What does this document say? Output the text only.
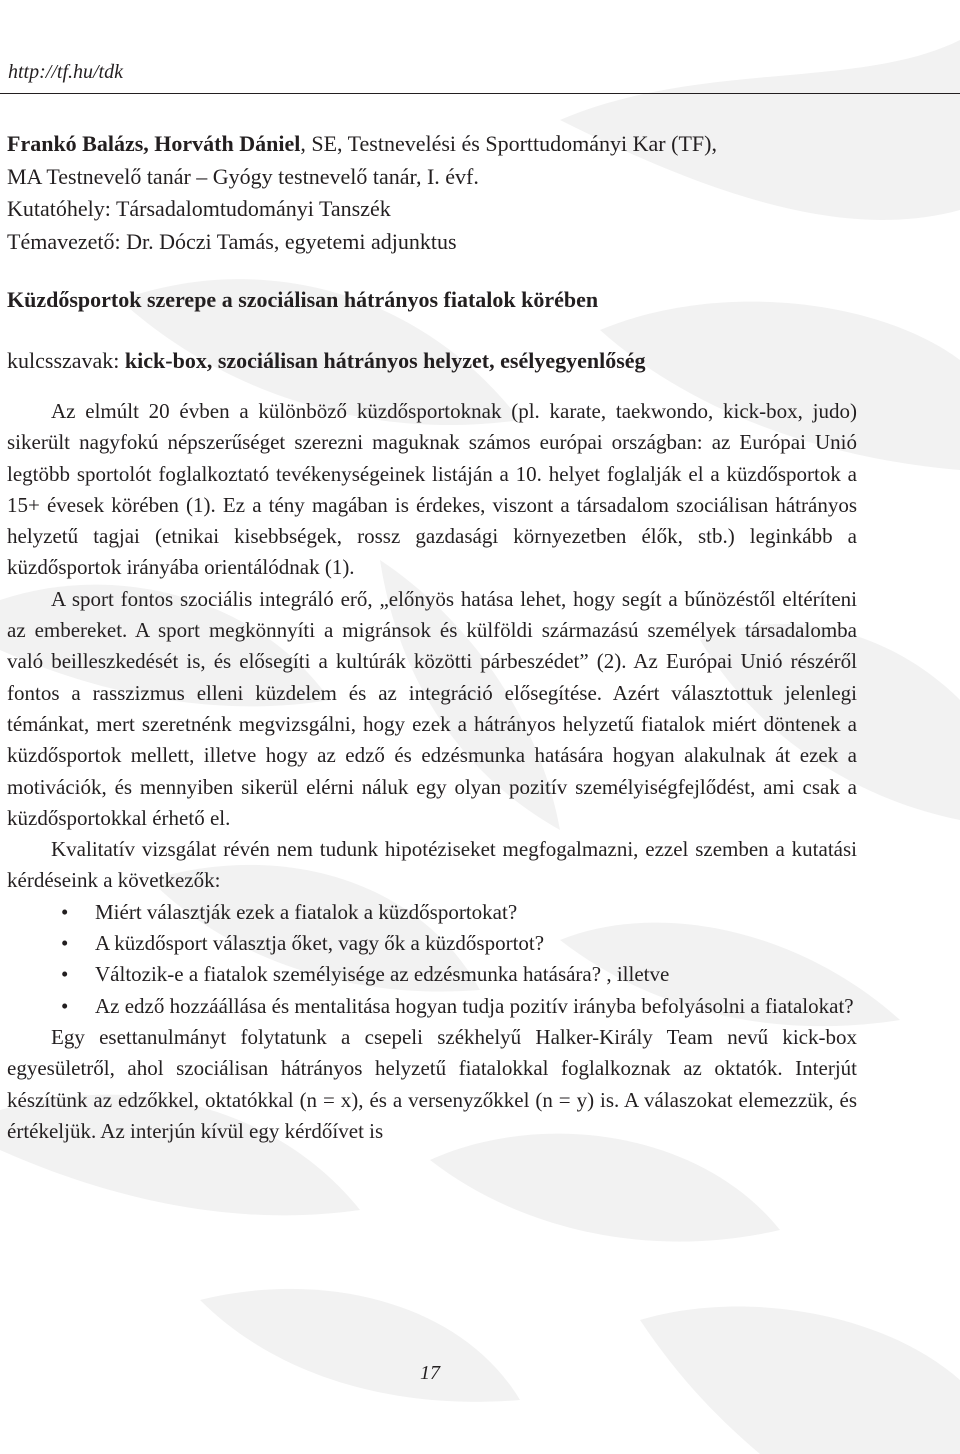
http://tf.hu/tdk

Frankó Balázs, Horváth Dániel, SE, Testnevelési és Sporttudományi Kar (TF),

MA Testnevelő tanár – Gyógy testnevelő tanár, I. évf.

Kutatóhely: Társadalomtudományi Tanszék

Témavezető: Dr. Dóczi Tamás, egyetemi adjunktus

Küzdősportok szerepe a szociálisan hátrányos fiatalok körében

kulcsszavak: kick-box, szociálisan hátrányos helyzet, esélyegyenlőség

Az elmúlt 20 évben a különböző küzdősportoknak (pl. karate, taekwondo, kick-box, judo) sikerült nagyfokú népszerűséget szerezni maguknak számos európai országban: az Európai Unió legtöbb sportolót foglalkoztató tevékenységeinek listáján a 10. helyet foglalják el a küzdősportok a 15+ évesek körében (1). Ez a tény magában is érdekes, viszont a társadalom szociálisan hátrányos helyzetű tagjai (etnikai kisebbségek, rossz gazdasági környezetben élők, stb.) leginkább a küzdősportok irányába orientálódnak (1).

A sport fontos szociális integráló erő, „előnyös hatása lehet, hogy segít a bűnözéstől eltéríteni az embereket. A sport megkönnyíti a migránsok és külföldi származású személyek társadalomba való beilleszkedését is, és elősegíti a kultúrák közötti párbeszédet” (2). Az Európai Unió részéről fontos a rasszizmus elleni küzdelem és az integráció elősegítése. Azért választottuk jelenlegi témánkat, mert szeretnénk megvizsgálni, hogy ezek a hátrányos helyzetű fiatalok miért döntenek a küzdősportok mellett, illetve hogy az edző és edzésmunka hatására hogyan alakulnak át ezek a motivációk, és mennyiben sikerül elérni náluk egy olyan pozitív személyiségfejlődést, ami csak a küzdősportokkal érhető el.

Kvalitatív vizsgálat révén nem tudunk hipotéziseket megfogalmazni, ezzel szemben a kutatási kérdéseink a következők:

• Miért választják ezek a fiatalok a küzdősportokat?
• A küzdősport választja őket, vagy ők a küzdősportot?
• Változik-e a fiatalok személyisége az edzésmunka hatására? , illetve
• Az edző hozzáállása és mentalitása hogyan tudja pozitív irányba befolyásolni a fiatalokat?

Egy esettanulmányt folytatunk a csepeli székhelyű Halker-Király Team nevű kick-box egyesületről, ahol szociálisan hátrányos helyzetű fiatalokkal foglalkoznak az oktatók. Interjút készítünk az edzőkkel, oktatókkal (n = x), és a versenyzőkkel (n = y) is. A válaszokat elemezzük, és értékeljük. Az interjún kívül egy kérdőívet is

17
